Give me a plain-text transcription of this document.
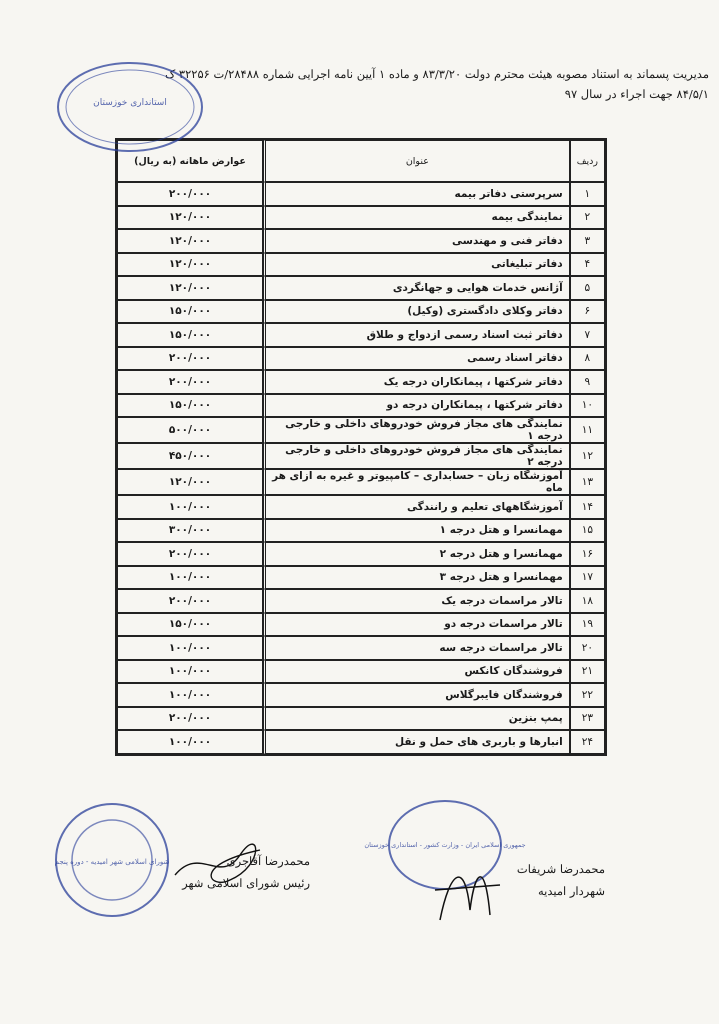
مدیریت پسماند به استناد مصوبه هیئت محترم دولت ۸۳/۳/۲۰ و ماده ۱ آیین نامه اجرایی شماره ۲۸۴۸۸/ت ۳۲۲۵۶ ک
۸۴/۵/۱ جهت اجراء در سال ۹۷
ردیف	عنوان	عوارض ماهانه (به ریال)
۱	سرپرستی دفاتر بیمه	۲۰۰/۰۰۰
۲	نمایندگی بیمه	۱۲۰/۰۰۰
۳	دفاتر فنی و مهندسی	۱۲۰/۰۰۰
۴	دفاتر تبلیغاتی	۱۲۰/۰۰۰
۵	آژانس خدمات هوایی و جهانگردی	۱۲۰/۰۰۰
۶	دفاتر وکلای دادگستری (وکیل)	۱۵۰/۰۰۰
۷	دفاتر ثبت اسناد رسمی ازدواج و طلاق	۱۵۰/۰۰۰
۸	دفاتر اسناد رسمی	۲۰۰/۰۰۰
۹	دفاتر شرکتها ، پیمانکاران درجه یک	۲۰۰/۰۰۰
۱۰	دفاتر شرکتها ، پیمانکاران درجه دو	۱۵۰/۰۰۰
۱۱	نمایندگی های مجاز فروش خودروهای داخلی و خارجی درجه ۱	۵۰۰/۰۰۰
۱۲	نمایندگی های مجاز فروش خودروهای داخلی و خارجی درجه ۲	۴۵۰/۰۰۰
۱۳	آموزشگاه زبان – حسابداری – کامپیوتر و غیره به ازای هر ماه	۱۲۰/۰۰۰
۱۴	آموزشگاههای تعلیم و رانندگی	۱۰۰/۰۰۰
۱۵	مهمانسرا و هتل درجه ۱	۳۰۰/۰۰۰
۱۶	مهمانسرا و هتل درجه ۲	۲۰۰/۰۰۰
۱۷	مهمانسرا و هتل درجه ۳	۱۰۰/۰۰۰
۱۸	تالار مراسمات درجه یک	۲۰۰/۰۰۰
۱۹	تالار مراسمات درجه دو	۱۵۰/۰۰۰
۲۰	تالار مراسمات درجه سه	۱۰۰/۰۰۰
۲۱	فروشندگان کانکس	۱۰۰/۰۰۰
۲۲	فروشندگان فایبرگلاس	۱۰۰/۰۰۰
۲۳	پمپ بنزین	۲۰۰/۰۰۰
۲۴	انبارها و باربری های حمل و نقل	۱۰۰/۰۰۰
استانداری خوزستان
شورای اسلامی شهر امیدیه - دوره پنجم
جمهوری اسلامی ایران - وزارت کشور - استانداری خوزستان
محمدرضا آقاجری
رئیس شورای اسلامی شهر
محمدرضا شریفات
شهردار امیدیه
